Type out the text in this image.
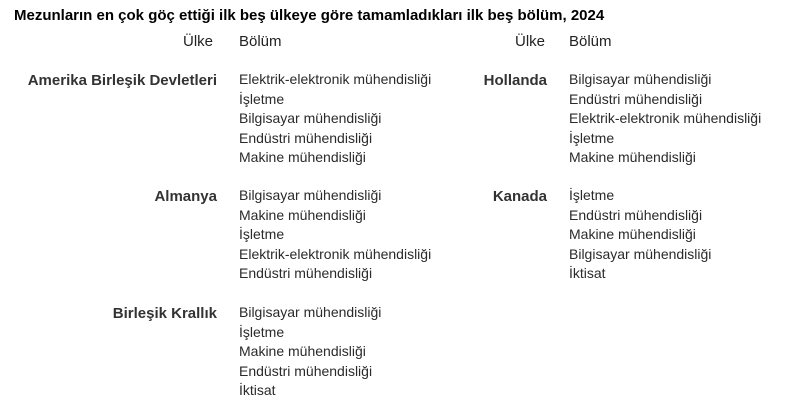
Mezunların en çok göç ettiği ilk beş ülkeye göre tamamladıkları ilk beş bölüm, 2024
Ülke Bölüm	Ülke Bölüm
Amerika Birleşik Devletleri Elektrik-elektronik mühendisliği
İşletme
Bilgisayar mühendisliği
Endüstri mühendisliği
Makine mühendisliği
Almanya Bilgisayar mühendisliği
Makine mühendisliği
İşletme
Elektrik-elektronik mühendisliği
Endüstri mühendisliği
Birleşik Krallık Bilgisayar mühendisliği
İşletme
Makine mühendisliği
Endüstri mühendisliği
İktisat
Hollanda Bilgisayar mühendisliği
Endüstri mühendisliği
Elektrik-elektronik mühendisliği
İşletme
Makine mühendisliği
Kanada İşletme
Endüstri mühendisliği
Makine mühendisliği
Bilgisayar mühendisliği
İktisat
